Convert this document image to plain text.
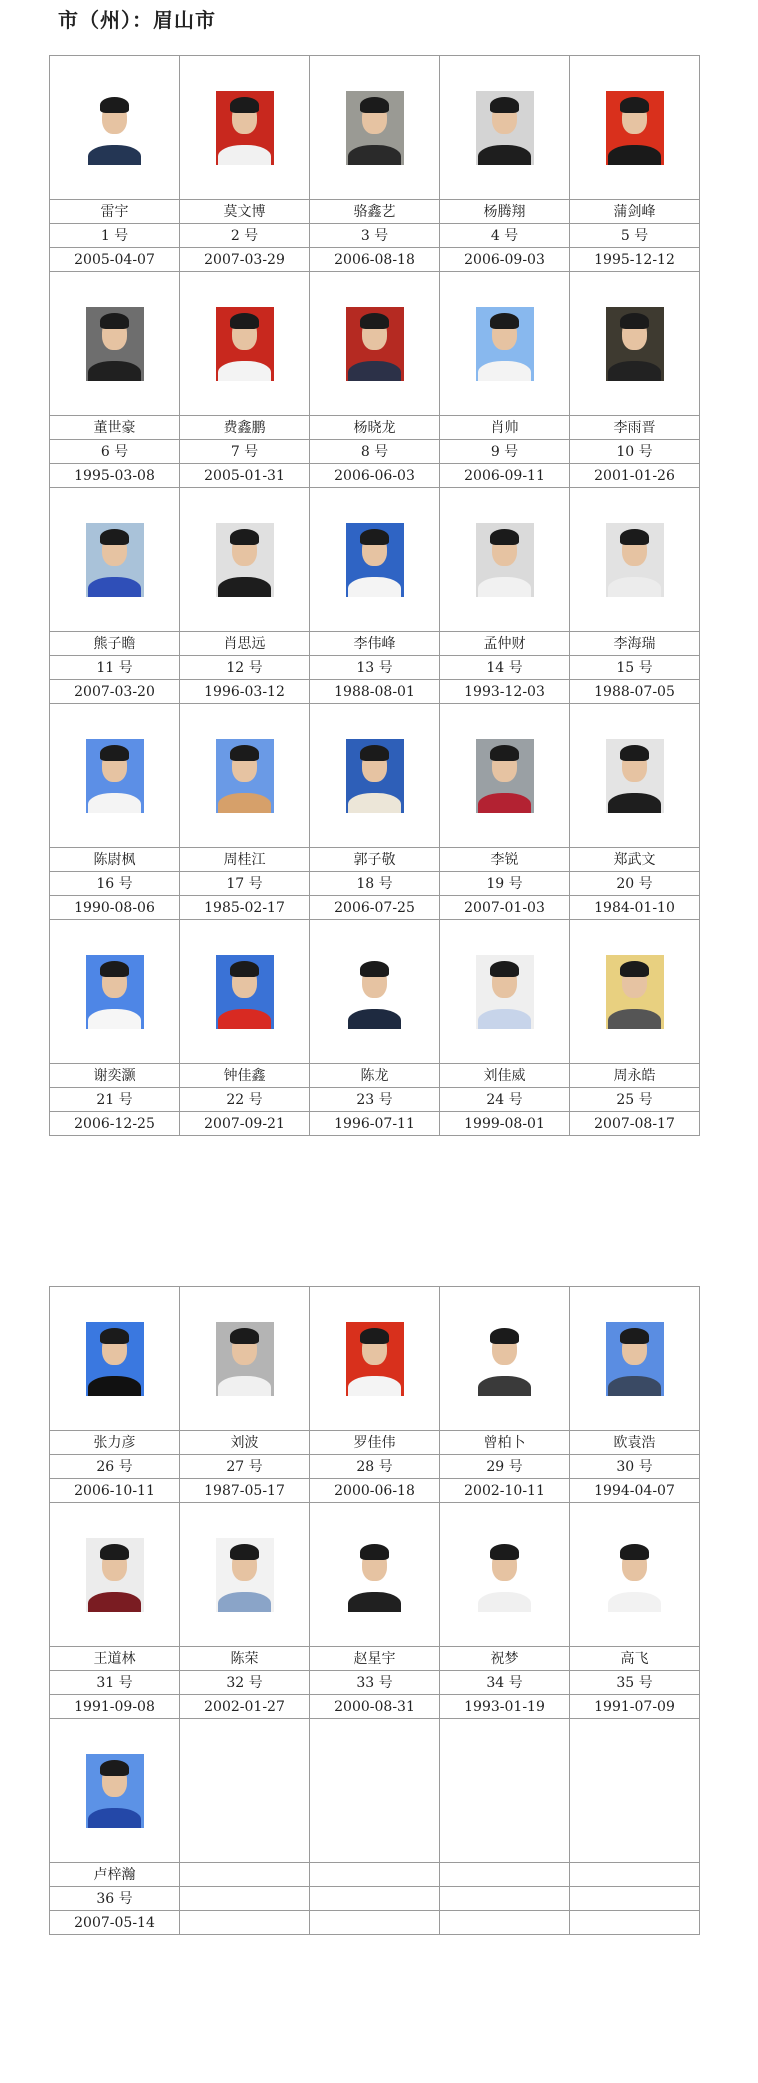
市（州）：眉山市

雷宇	莫文博	骆鑫艺	杨腾翔	蒲剑峰
1 号	2 号	3 号	4 号	5 号
2005-04-07	2007-03-29	2006-08-18	2006-09-03	1995-12-12

董世豪	费鑫鹏	杨晓龙	肖帅	李雨晋
6 号	7 号	8 号	9 号	10 号
1995-03-08	2005-01-31	2006-06-03	2006-09-11	2001-01-26

熊子瞻	肖思远	李伟峰	孟仲财	李海瑞
11 号	12 号	13 号	14 号	15 号
2007-03-20	1996-03-12	1988-08-01	1993-12-03	1988-07-05

陈尉枫	周桂江	郭子敬	李锐	郑武文
16 号	17 号	18 号	19 号	20 号
1990-08-06	1985-02-17	2006-07-25	2007-01-03	1984-01-10

谢奕灏	钟佳鑫	陈龙	刘佳威	周永皓
21 号	22 号	23 号	24 号	25 号
2006-12-25	2007-09-21	1996-07-11	1999-08-01	2007-08-17

张力彦	刘波	罗佳伟	曾柏卜	欧袁浩
26 号	27 号	28 号	29 号	30 号
2006-10-11	1987-05-17	2000-06-18	2002-10-11	1994-04-07

王道林	陈荣	赵星宇	祝梦	高飞
31 号	32 号	33 号	34 号	35 号
1991-09-08	2002-01-27	2000-08-31	1993-01-19	1991-07-09

卢梓瀚				
36 号				
2007-05-14				
